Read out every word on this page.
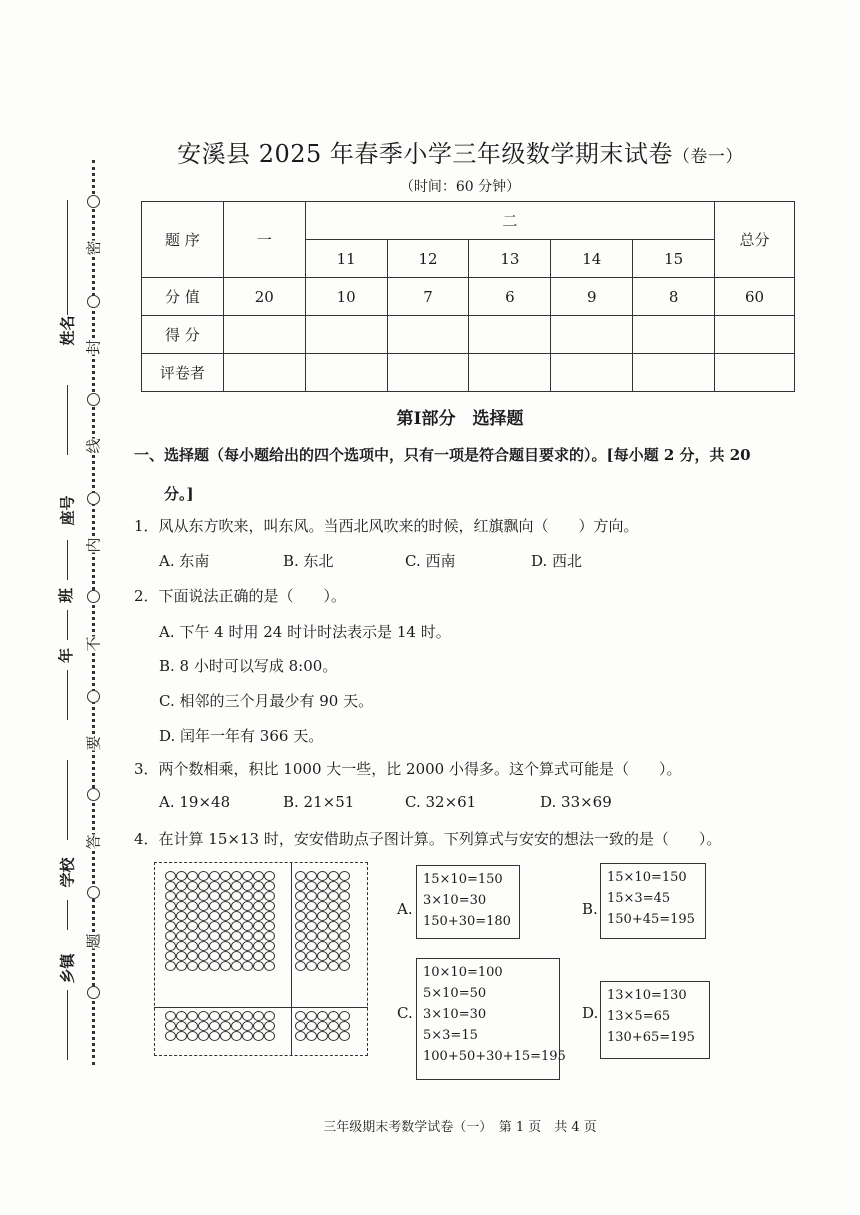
密
封
线
内
不
要
答
题
姓名
座号
班
年
学校
乡镇
安溪县 2025 年春季小学三年级数学期末试卷（卷一）
（时间：60 分钟）
题 序	一	二					总分
		11	12	13	14	15	
分 值	20	10	7	6	9	8	60
得 分							
评卷者							
第Ⅰ部分　选择题
一、选择题（每小题给出的四个选项中，只有一项是符合题目要求的）。[每小题 2 分，共 20
分。]
1．风从东方吹来，叫东风。当西北风吹来的时候，红旗飘向（　　）方向。
A. 东南	B. 东北	C. 西南	D. 西北
2．下面说法正确的是（　　）。
A. 下午 4 时用 24 时计时法表示是 14 时。
B. 8 小时可以写成 8:00。
C. 相邻的三个月最少有 90 天。
D. 闰年一年有 366 天。
3．两个数相乘，积比 1000 大一些，比 2000 小得多。这个算式可能是（　　）。
A. 19×48	B. 21×51	C. 32×61	D. 33×69
4．在计算 15×13 时，安安借助点子图计算。下列算式与安安的想法一致的是（　　）。
A.
15×10=150
3×10=30
150+30=180
B.
15×10=150
15×3=45
150+45=195
C.
10×10=100
5×10=50
3×10=30
5×3=15
100+50+30+15=195
D.
13×10=130
13×5=65
130+65=195
三年级期末考数学试卷（一）　第 1 页　共 4 页
